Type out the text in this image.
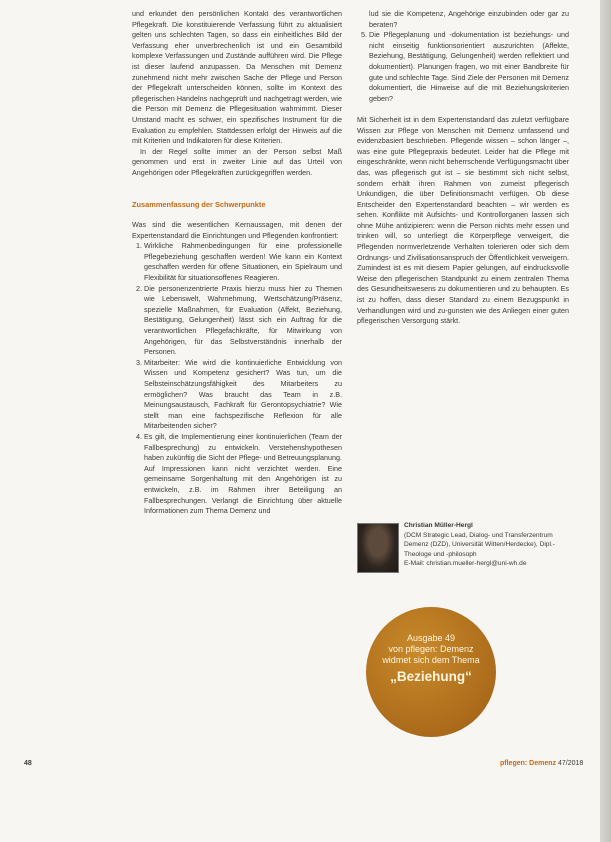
und erkundet den persönlichen Kontakt des verantwortlichen Pflegekraft. Die konstituierende Verfassung führt zu aktualisiert gelten uns schlechten Tagen, so dass ein einheitliches Bild der Verfassung eher unverbrechenlich ist und ein Gesamtbild komplexe Verfassungen und Zustände aufführen wird. Die Pflege ist dieser laufend anzupassen. Da Menschen mit Demenz zunehmend nicht mehr zwischen Sache der Pflege und Person der Pflegekraft unterscheiden können, sollte im Kontext des pflegerischen Handelns nachgeprüft und nachgetragt werden, wie die Person mit Demenz die Pflegesituation wahrnimmt. Dieser Umstand macht es schwer, ein spezifisches Instrument für die Evaluation zu empfehlen. Stattdessen erfolgt der Hinweis auf die mit Kriterien und Indikatoren für diese Kriterien.

In der Regel sollte immer an der Person selbst Maß genommen und erst in zweiter Linie auf das Urteil von Angehörigen oder Pflegekräften zurückgegriffen werden.

Zusammenfassung der Schwerpunkte

Was sind die wesentlichen Kernaussagen, mit denen der Expertenstandard die Einrichtungen und Pflegenden konfrontiert:

1. Wirkliche Rahmenbedingungen für eine professionelle Pflegebeziehung geschaffen werden! Wie kann ein Kontext geschaffen werden für offene Situationen, ein Spielraum und Flexibilität für situationsoffenes Reagieren.
2. Die personenzentrierte Praxis hierzu muss hier zu Themen wie Lebenswelt, Wahrnehmung, Wertschätzung/Präsenz, spezielle Maßnahmen, für Evaluation (Affekt, Beziehung, Bestätigung, Gelungenheit) lässt sich ein Auftrag für die verantwortlichen Pflegefachkräfte, für Mitwirkung von Angehörigen, für das Selbstverständnis innerhalb der Personen.
3. Mitarbeiter: Wie wird die kontinuierliche Entwicklung von Wissen und Kompetenz gesichert? Was tun, um die Selbsteinschätzungsfähigkeit des Mitarbeiters zu ermöglichen? Was braucht das Team in z.B. Meinungsaustausch, Fachkraft für Gerontopsychiatrie? Wie stellt man eine fachspezifische Reflexion für alle Mitarbeitenden sicher?
4. Es gilt, die Implementierung einer kontinuierlichen (Team der Fallbesprechung) zu entwickeln. Verstehenshypothesen haben zukünftig die Sicht der Pflege- und Betreuungsplanung. Auf Impressionen kann nicht verzichtet werden. Eine gemeinsame Sorgenhaltung mit den Angehörigen ist zu entwickeln, z.B. im Rahmen ihrer Beteiligung an Fallbesprechungen. Verlangt die Einrichtung über aktuelle Informationen zum Thema Demenz und

lud sie die Kompetenz, Angehörige einzubinden oder gar zu beraten?

5. Die Pflegeplanung und -dokumentation ist beziehungs- und nicht einseitig funktionsorientiert auszurichten (Affekte, Beziehung, Bestätigung, Gelungenheit) werden reflektiert und dokumentiert). Planungen fragen, wo mit einer Bandbreite für gute und schlechte Tage. Sind Ziele der Personen mit Demenz dokumentiert, die Hinweise auf die mit Beziehungskriterien geben?

Mit Sicherheit ist in dem Expertenstandard das zuletzt verfügbare Wissen zur Pflege von Menschen mit Demenz umfassend und evidenzbasiert beschrieben. Pflegende wissen – schon länger –, was eine gute Pflegepraxis bedeutet. Leider hat die Pflege mit eingeschränkte, wenn nicht beherrschende Verfügungsmacht über das, was pflegerisch gut ist – sie bestimmt sich nicht selbst, sondern erhält ihren Rahmen von zumeist pflegerisch Unkundigen, die über Definitionsmacht verfügen. Ob diese Entscheider den Expertenstandard beachten – wir werden es sehen. Konflikte mit Aufsichts- und Kontrollorganen lassen sich ohne Mühe antizipieren: wenn die Person nichts mehr essen und trinken will, so unterliegt die Körperpflege verweigert, die Pflegenden normverletzende Verhalten tolerieren oder sich dem Ordnungs- und Zivilisationsanspruch der Öffentlichkeit verweigern. Zumindest ist es mit diesem Papier gelungen, auf eindrucksvolle Weise den pflegerischen Standpunkt zu einem zentralen Thema des Gesundheitswesens zu dokumentieren und zu behaupten. Es ist zu hoffen, dass dieser Standard zu einem Bezugspunkt in Verhandlungen wird und zu-gunsten wie des Anliegen einer guten pflegerischen Versorgung stärkt.

Christian Müller-Hergl
(DCM Strategic Lead, Dialog- und Transferzentrum Demenz (DZD), Universität Witten/Herdecke), Dipl.-Theologe und -philosoph
E-Mail: christian.mueller-hergl@uni-wh.de
Ausgabe 49
von pflegen: Demenz
widmet sich dem Thema
„Beziehung“
48	pflegen: Demenz 47/2018
